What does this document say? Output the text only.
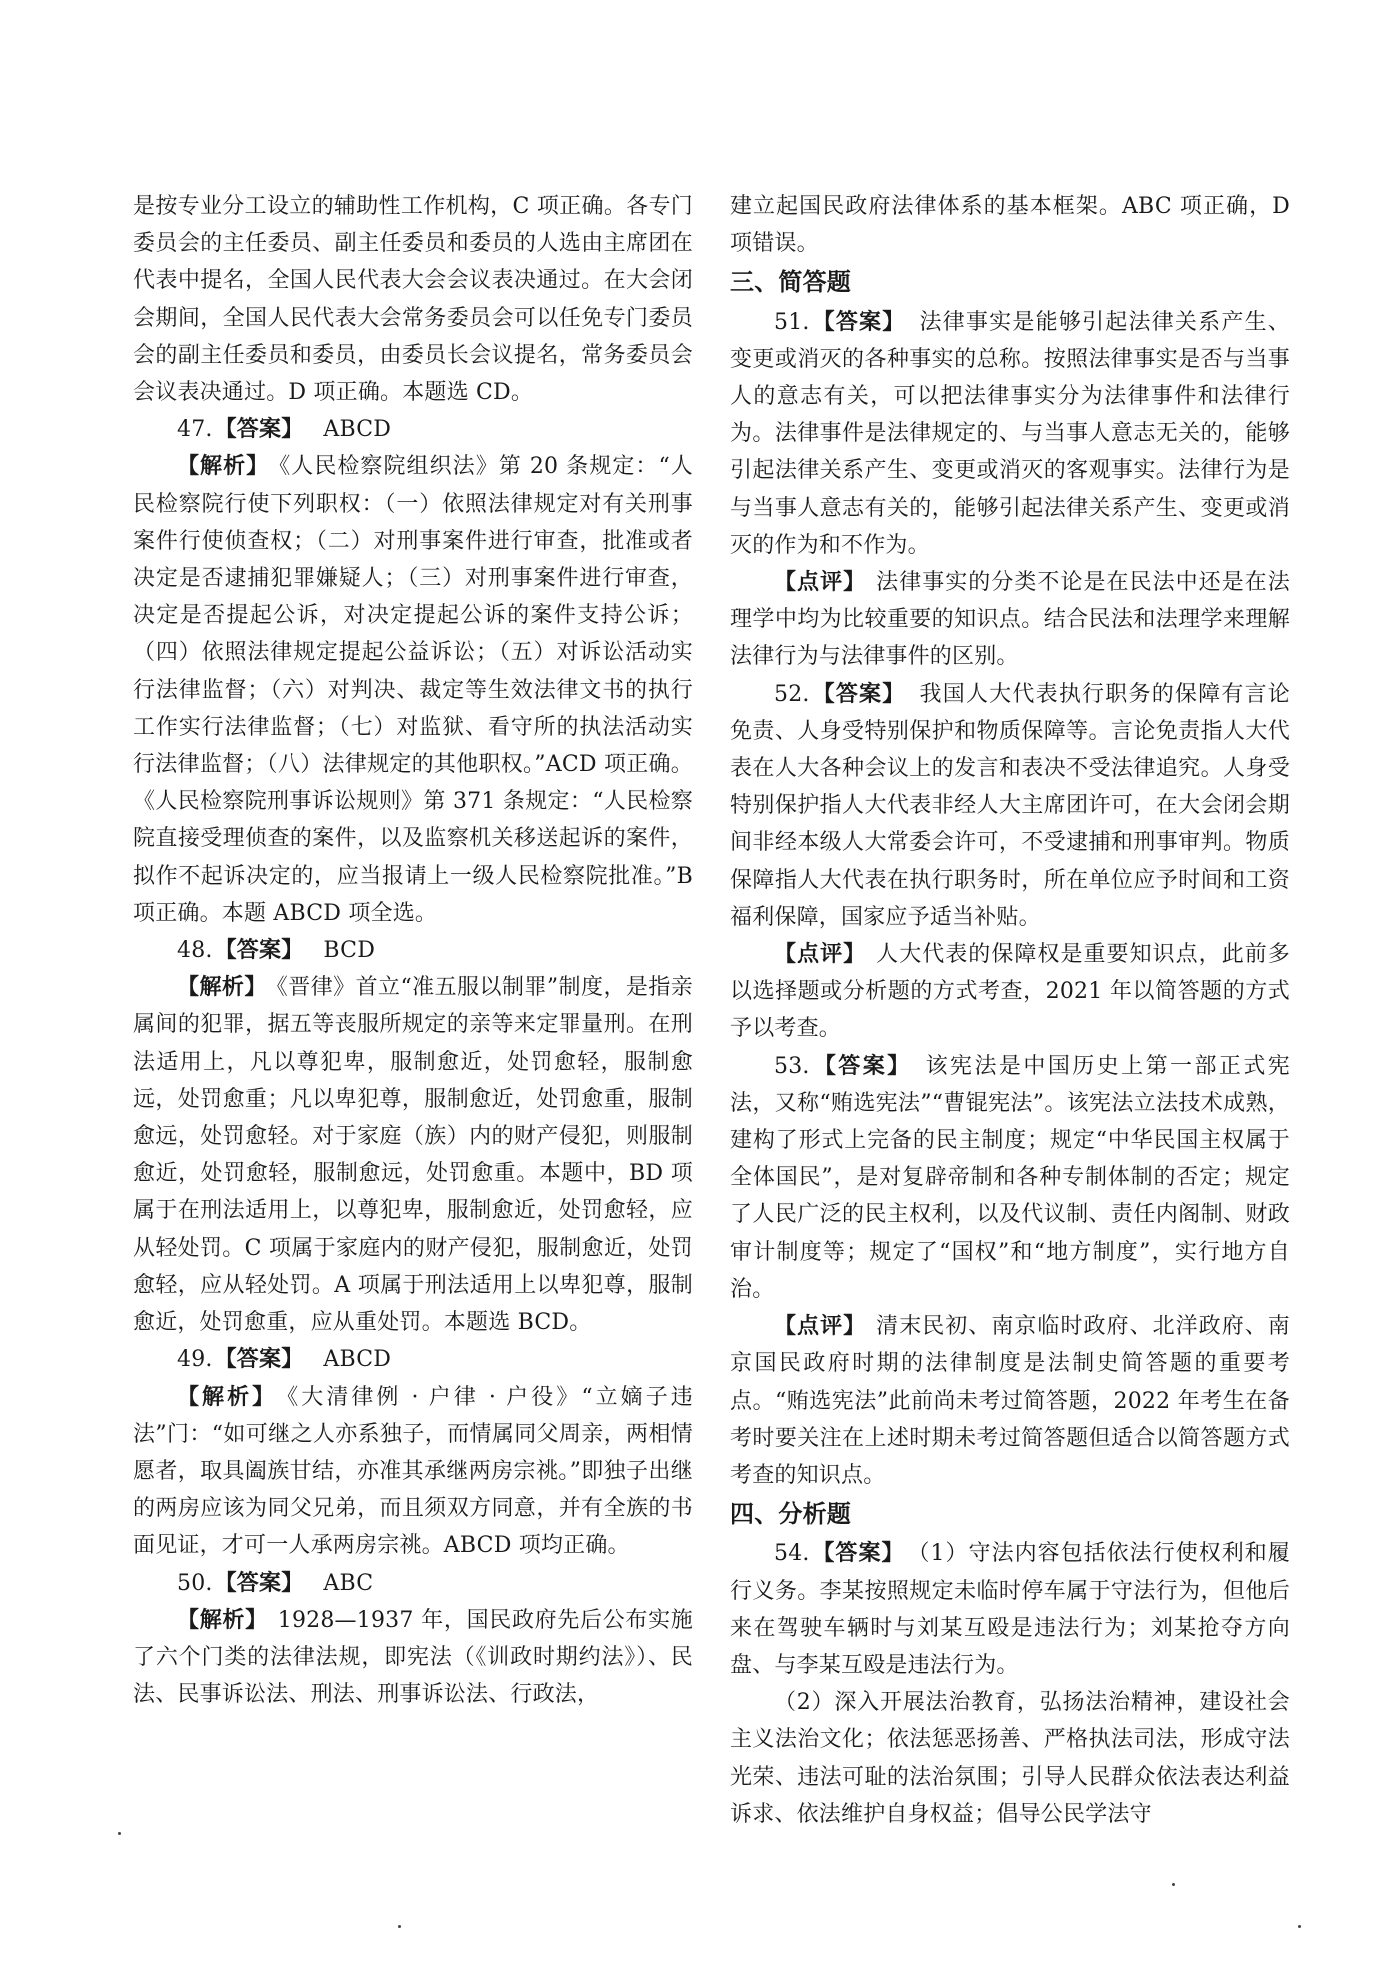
是按专业分工设立的辅助性工作机构，C 项正确。各专门委员会的主任委员、副主任委员和委员的人选由主席团在代表中提名，全国人民代表大会会议表决通过。在大会闭会期间，全国人民代表大会常务委员会可以任免专门委员会的副主任委员和委员，由委员长会议提名，常务委员会会议表决通过。D 项正确。本题选 CD。

47.【答案】 ABCD

【解析】 《人民检察院组织法》第 20 条规定：“人民检察院行使下列职权：（一）依照法律规定对有关刑事案件行使侦查权；（二）对刑事案件进行审查，批准或者决定是否逮捕犯罪嫌疑人；（三）对刑事案件进行审查，决定是否提起公诉，对决定提起公诉的案件支持公诉；（四）依照法律规定提起公益诉讼；（五）对诉讼活动实行法律监督；（六）对判决、裁定等生效法律文书的执行工作实行法律监督；（七）对监狱、看守所的执法活动实行法律监督；（八）法律规定的其他职权。”ACD 项正确。《人民检察院刑事诉讼规则》第 371 条规定：“人民检察院直接受理侦查的案件，以及监察机关移送起诉的案件，拟作不起诉决定的，应当报请上一级人民检察院批准。”B 项正确。本题 ABCD 项全选。

48.【答案】 BCD

【解析】 《晋律》首立“准五服以制罪”制度，是指亲属间的犯罪，据五等丧服所规定的亲等来定罪量刑。在刑法适用上，凡以尊犯卑，服制愈近，处罚愈轻，服制愈远，处罚愈重；凡以卑犯尊，服制愈近，处罚愈重，服制愈远，处罚愈轻。对于家庭（族）内的财产侵犯，则服制愈近，处罚愈轻，服制愈远，处罚愈重。本题中，BD 项属于在刑法适用上，以尊犯卑，服制愈近，处罚愈轻，应从轻处罚。C 项属于家庭内的财产侵犯，服制愈近，处罚愈轻，应从轻处罚。A 项属于刑法适用上以卑犯尊，服制愈近，处罚愈重，应从重处罚。本题选 BCD。

49.【答案】 ABCD

【解析】 《大清律例 · 户律 · 户役》“立嫡子违法”门：“如可继之人亦系独子，而情属同父周亲，两相情愿者，取具阖族甘结，亦准其承继两房宗祧。”即独子出继的两房应该为同父兄弟，而且须双方同意，并有全族的书面见证，才可一人承两房宗祧。ABCD 项均正确。

50.【答案】 ABC

【解析】 1928—1937 年，国民政府先后公布实施了六个门类的法律法规，即宪法（《训政时期约法》）、民法、民事诉讼法、刑法、刑事诉讼法、行政法，

建立起国民政府法律体系的基本框架。ABC 项正确，D 项错误。

三、简答题

51.【答案】 法律事实是能够引起法律关系产生、变更或消灭的各种事实的总称。按照法律事实是否与当事人的意志有关，可以把法律事实分为法律事件和法律行为。法律事件是法律规定的、与当事人意志无关的，能够引起法律关系产生、变更或消灭的客观事实。法律行为是与当事人意志有关的，能够引起法律关系产生、变更或消灭的作为和不作为。

【点评】 法律事实的分类不论是在民法中还是在法理学中均为比较重要的知识点。结合民法和法理学来理解法律行为与法律事件的区别。

52.【答案】 我国人大代表执行职务的保障有言论免责、人身受特别保护和物质保障等。言论免责指人大代表在人大各种会议上的发言和表决不受法律追究。人身受特别保护指人大代表非经人大主席团许可，在大会闭会期间非经本级人大常委会许可，不受逮捕和刑事审判。物质保障指人大代表在执行职务时，所在单位应予时间和工资福利保障，国家应予适当补贴。

【点评】 人大代表的保障权是重要知识点，此前多以选择题或分析题的方式考查，2021 年以简答题的方式予以考查。

53.【答案】 该宪法是中国历史上第一部正式宪法，又称“贿选宪法”“曹锟宪法”。该宪法立法技术成熟，建构了形式上完备的民主制度；规定“中华民国主权属于全体国民”，是对复辟帝制和各种专制体制的否定；规定了人民广泛的民主权利，以及代议制、责任内阁制、财政审计制度等；规定了“国权”和“地方制度”，实行地方自治。

【点评】 清末民初、南京临时政府、北洋政府、南京国民政府时期的法律制度是法制史简答题的重要考点。“贿选宪法”此前尚未考过简答题，2022 年考生在备考时要关注在上述时期未考过简答题但适合以简答题方式考查的知识点。

四、分析题

54.【答案】 （1）守法内容包括依法行使权利和履行义务。李某按照规定未临时停车属于守法行为，但他后来在驾驶车辆时与刘某互殴是违法行为；刘某抢夺方向盘、与李某互殴是违法行为。

（2）深入开展法治教育，弘扬法治精神，建设社会主义法治文化；依法惩恶扬善、严格执法司法，形成守法光荣、违法可耻的法治氛围；引导人民群众依法表达利益诉求、依法维护自身权益；倡导公民学法守
